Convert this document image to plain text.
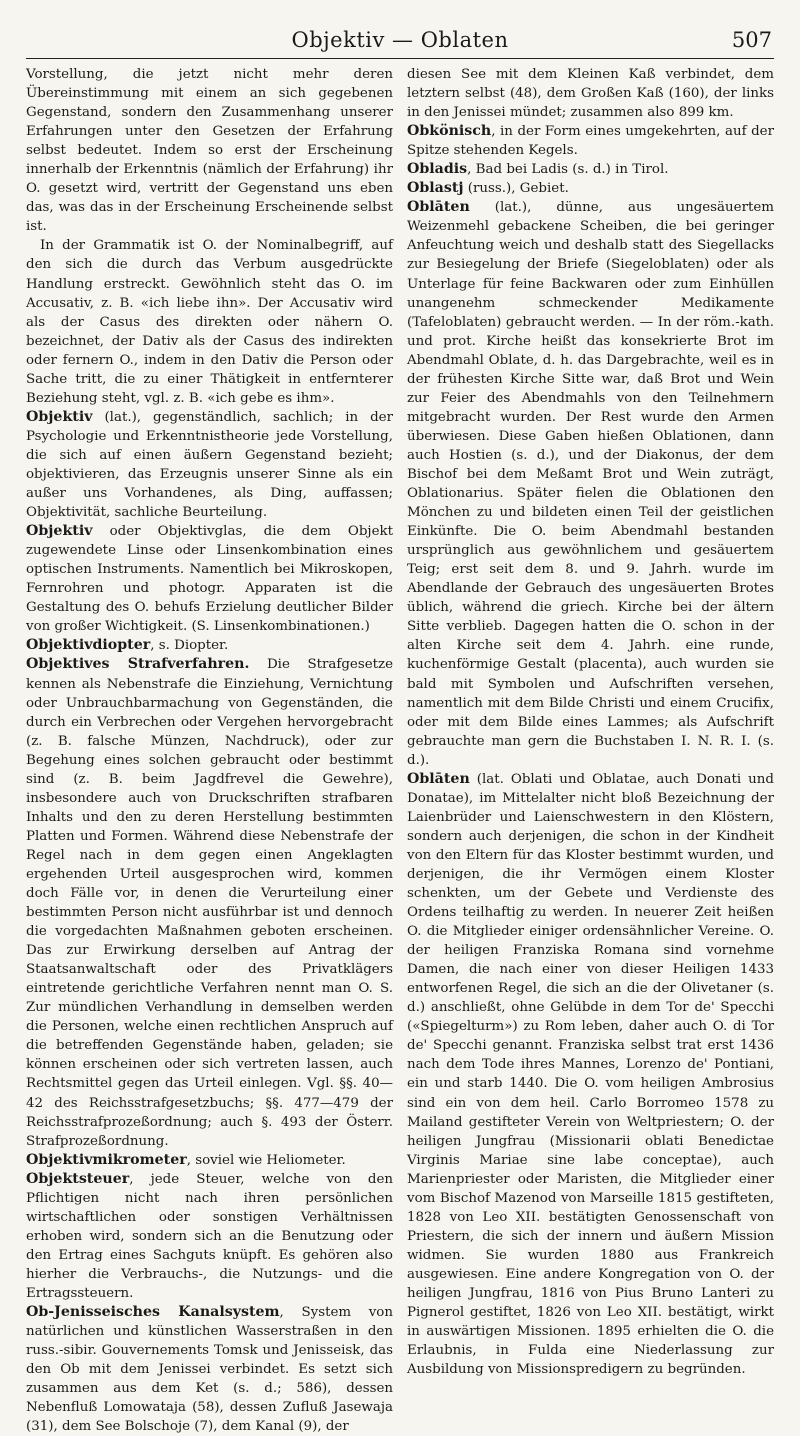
Objektiv — Oblaten	507

Vorstellung, die jetzt nicht mehr deren Übereinstimmung mit einem an sich gegebenen Gegenstand, sondern den Zusammenhang unserer Erfahrungen unter den Gesetzen der Erfahrung selbst bedeutet. Indem so erst der Erscheinung innerhalb der Erkenntnis (nämlich der Erfahrung) ihr O. gesetzt wird, vertritt der Gegenstand uns eben das, was das in der Erscheinung Erscheinende selbst ist.

In der Grammatik ist O. der Nominalbegriff, auf den sich die durch das Verbum ausgedrückte Handlung erstreckt. Gewöhnlich steht das O. im Accusativ, z. B. «ich liebe ihn». Der Accusativ wird als der Casus des direkten oder nähern O. bezeichnet, der Dativ als der Casus des indirekten oder fernern O., indem in den Dativ die Person oder Sache tritt, die zu einer Thätigkeit in entfernterer Beziehung steht, vgl. z. B. «ich gebe es ihm».

Objektiv (lat.), gegenständlich, sachlich; in der Psychologie und Erkenntnistheorie jede Vorstellung, die sich auf einen äußern Gegenstand bezieht; objektivieren, das Erzeugnis unserer Sinne als ein außer uns Vorhandenes, als Ding, auffassen; Objektivität, sachliche Beurteilung.

Objektiv oder Objektivglas, die dem Objekt zugewendete Linse oder Linsenkombination eines optischen Instruments. Namentlich bei Mikroskopen, Fernrohren und photogr. Apparaten ist die Gestaltung des O. behufs Erzielung deutlicher Bilder von großer Wichtigkeit. (S. Linsenkombinationen.)

Objektivdiopter, s. Diopter.

Objektives Strafverfahren. Die Strafgesetze kennen als Nebenstrafe die Einziehung, Vernichtung oder Unbrauchbarmachung von Gegenständen, die durch ein Verbrechen oder Vergehen hervorgebracht (z. B. falsche Münzen, Nachdruck), oder zur Begehung eines solchen gebraucht oder bestimmt sind (z. B. beim Jagdfrevel die Gewehre), insbesondere auch von Druckschriften strafbaren Inhalts und den zu deren Herstellung bestimmten Platten und Formen. Während diese Nebenstrafe der Regel nach in dem gegen einen Angeklagten ergehenden Urteil ausgesprochen wird, kommen doch Fälle vor, in denen die Verurteilung einer bestimmten Person nicht ausführbar ist und dennoch die vorgedachten Maßnahmen geboten erscheinen. Das zur Erwirkung derselben auf Antrag der Staatsanwaltschaft oder des Privatklägers eintretende gerichtliche Verfahren nennt man O. S. Zur mündlichen Verhandlung in demselben werden die Personen, welche einen rechtlichen Anspruch auf die betreffenden Gegenstände haben, geladen; sie können erscheinen oder sich vertreten lassen, auch Rechtsmittel gegen das Urteil einlegen. Vgl. §§. 40—42 des Reichsstrafgesetzbuchs; §§. 477—479 der Reichsstrafprozeßordnung; auch §. 493 der Österr. Strafprozeßordnung.

Objektivmikrometer, soviel wie Heliometer.

Objektsteuer, jede Steuer, welche von den Pflichtigen nicht nach ihren persönlichen wirtschaftlichen oder sonstigen Verhältnissen erhoben wird, sondern sich an die Benutzung oder den Ertrag eines Sachguts knüpft. Es gehören also hierher die Verbrauchs-, die Nutzungs- und die Ertragssteuern.

Ob-Jenisseisches Kanalsystem, System von natürlichen und künstlichen Wasserstraßen in den russ.-sibir. Gouvernements Tomsk und Jenisseisk, das den Ob mit dem Jenissei verbindet. Es setzt sich zusammen aus dem Ket (s. d.; 586), dessen Nebenfluß Lomowataja (58), dessen Zufluß Jasewaja (31), dem See Bolschoje (7), dem Kanal (9), der

diesen See mit dem Kleinen Kaß verbindet, dem letztern selbst (48), dem Großen Kaß (160), der links in den Jenissei mündet; zusammen also 899 km.

Obkönisch, in der Form eines umgekehrten, auf der Spitze stehenden Kegels.

Obladis, Bad bei Ladis (s. d.) in Tirol.

Oblastj (russ.), Gebiet.

Oblāten (lat.), dünne, aus ungesäuertem Weizenmehl gebackene Scheiben, die bei geringer Anfeuchtung weich und deshalb statt des Siegellacks zur Besiegelung der Briefe (Siegeloblaten) oder als Unterlage für feine Backwaren oder zum Einhüllen unangenehm schmeckender Medikamente (Tafeloblaten) gebraucht werden. — In der röm.-kath. und prot. Kirche heißt das konsekrierte Brot im Abendmahl Oblate, d. h. das Dargebrachte, weil es in der frühesten Kirche Sitte war, daß Brot und Wein zur Feier des Abendmahls von den Teilnehmern mitgebracht wurden. Der Rest wurde den Armen überwiesen. Diese Gaben hießen Oblationen, dann auch Hostien (s. d.), und der Diakonus, der dem Bischof bei dem Meßamt Brot und Wein zuträgt, Oblationarius. Später fielen die Oblationen den Mönchen zu und bildeten einen Teil der geistlichen Einkünfte. Die O. beim Abendmahl bestanden ursprünglich aus gewöhnlichem und gesäuertem Teig; erst seit dem 8. und 9. Jahrh. wurde im Abendlande der Gebrauch des ungesäuerten Brotes üblich, während die griech. Kirche bei der ältern Sitte verblieb. Dagegen hatten die O. schon in der alten Kirche seit dem 4. Jahrh. eine runde, kuchenförmige Gestalt (placenta), auch wurden sie bald mit Symbolen und Aufschriften versehen, namentlich mit dem Bilde Christi und einem Crucifix, oder mit dem Bilde eines Lammes; als Aufschrift gebrauchte man gern die Buchstaben I. N. R. I. (s. d.).

Oblāten (lat. Oblati und Oblatae, auch Donati und Donatae), im Mittelalter nicht bloß Bezeichnung der Laienbrüder und Laienschwestern in den Klöstern, sondern auch derjenigen, die schon in der Kindheit von den Eltern für das Kloster bestimmt wurden, und derjenigen, die ihr Vermögen einem Kloster schenkten, um der Gebete und Verdienste des Ordens teilhaftig zu werden. In neuerer Zeit heißen O. die Mitglieder einiger ordensähnlicher Vereine. O. der heiligen Franziska Romana sind vornehme Damen, die nach einer von dieser Heiligen 1433 entworfenen Regel, die sich an die der Olivetaner (s. d.) anschließt, ohne Gelübde in dem Tor de' Specchi («Spiegelturm») zu Rom leben, daher auch O. di Tor de' Specchi genannt. Franziska selbst trat erst 1436 nach dem Tode ihres Mannes, Lorenzo de' Pontiani, ein und starb 1440. Die O. vom heiligen Ambrosius sind ein von dem heil. Carlo Borromeo 1578 zu Mailand gestifteter Verein von Weltpriestern; O. der heiligen Jungfrau (Missionarii oblati Benedictae Virginis Mariae sine labe conceptae), auch Marienpriester oder Maristen, die Mitglieder einer vom Bischof Mazenod von Marseille 1815 gestifteten, 1828 von Leo XII. bestätigten Genossenschaft von Priestern, die sich der innern und äußern Mission widmen. Sie wurden 1880 aus Frankreich ausgewiesen. Eine andere Kongregation von O. der heiligen Jungfrau, 1816 von Pius Bruno Lanteri zu Pignerol gestiftet, 1826 von Leo XII. bestätigt, wirkt in auswärtigen Missionen. 1895 erhielten die O. die Erlaubnis, in Fulda eine Niederlassung zur Ausbildung von Missionspredigern zu begründen.
